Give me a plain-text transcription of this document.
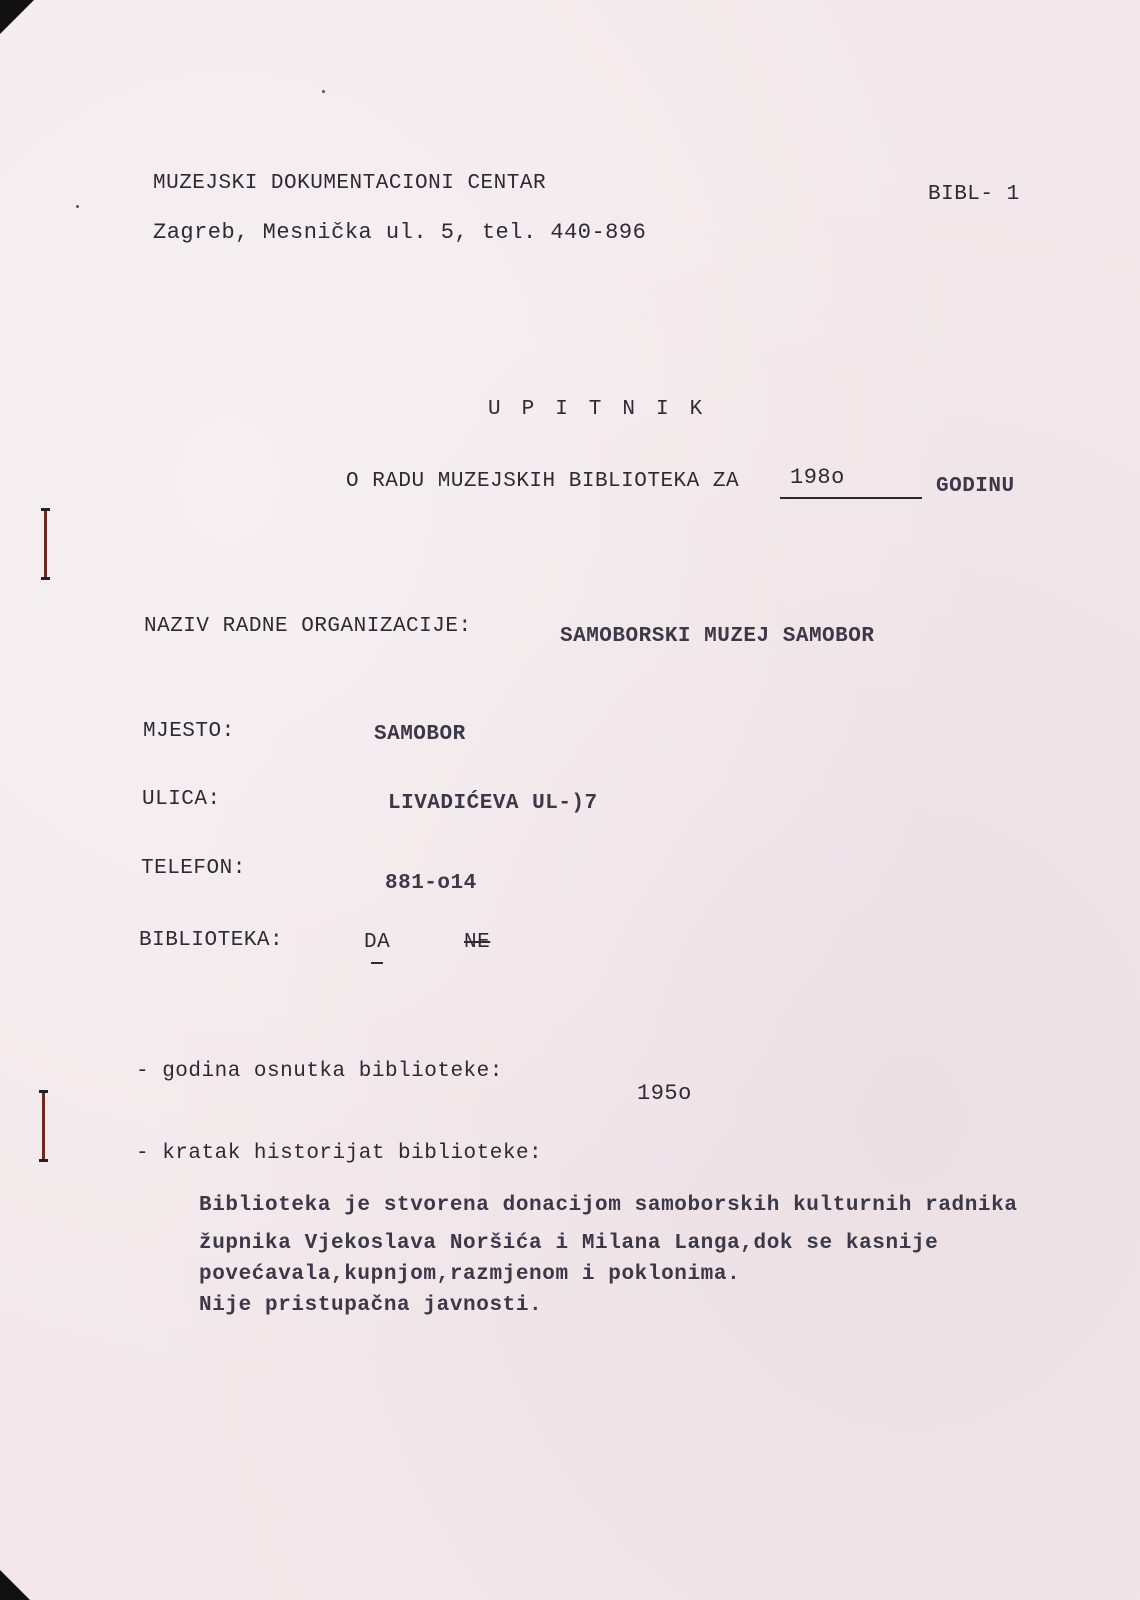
MUZEJSKI DOKUMENTACIONI CENTAR
Zagreb, Mesnička ul. 5, tel. 440-896
BIBL- 1
UPITNIK
O RADU MUZEJSKIH BIBLIOTEKA ZA 198o	GODINU
NAZIV RADNE ORGANIZACIJE:	SAMOBORSKI MUZEJ SAMOBOR
MJESTO:	SAMOBOR
ULICA:	LIVADIĆEVA UL-)7
TELEFON:
881-o14
BIBLIOTEKA:	DA	NE
- godina osnutka biblioteke:
195o
- kratak historijat biblioteke:
Biblioteka je stvorena donacijom samoborskih kulturnih radnika
župnika Vjekoslava Noršića i Milana Langa,dok se kasnije
povećavala,kupnjom,razmjenom i poklonima.
Nije pristupačna javnosti.
